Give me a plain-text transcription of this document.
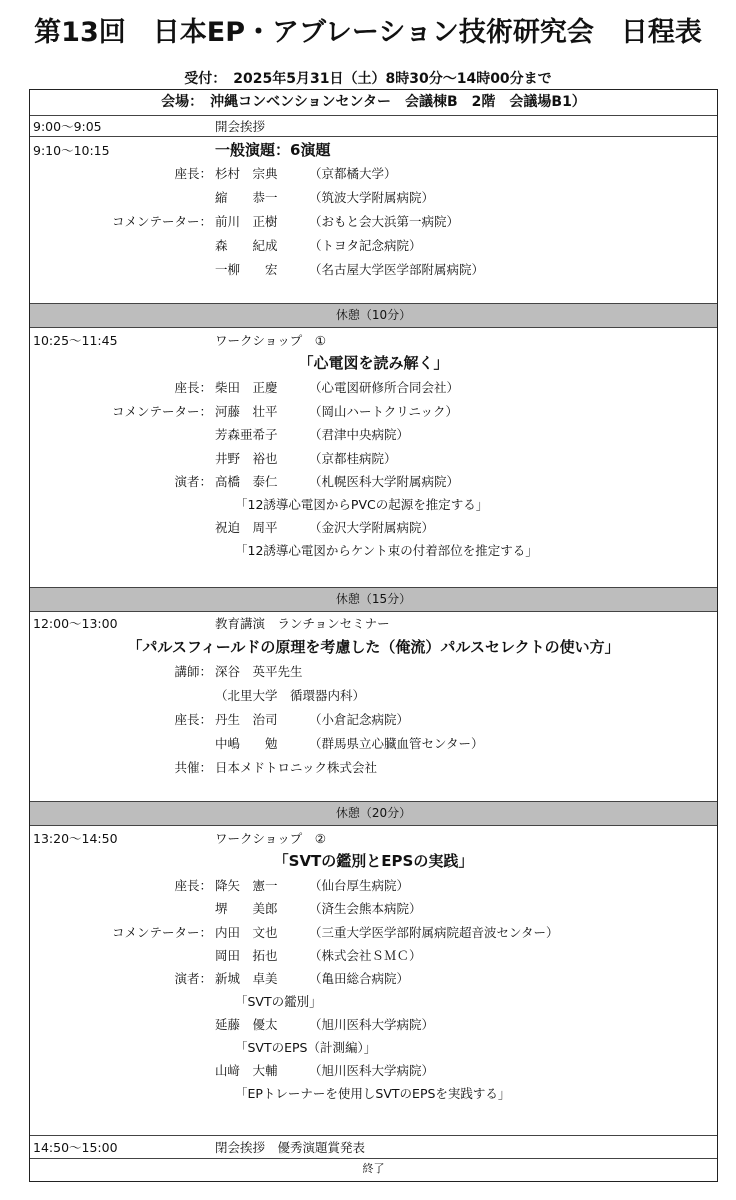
第13回　日本EP・アブレーション技術研究会　日程表
受付：　2025年5月31日（土）8時30分～14時00分まで
会場：　沖縄コンベンションセンター　会議棟B　2階　会議場B1）
9:00～9:05	開会挨拶
9:10～10:15	一般演題：6演題
座長： 杉村　宗典	（京都橘大学）
縮　　恭一	（筑波大学附属病院）
コメンテーター： 前川　正樹	（おもと会大浜第一病院）
森　　紀成	（トヨタ記念病院）
一柳　　宏	（名古屋大学医学部附属病院）
休憩（10分）
10:25～11:45	ワークショップ　①
「心電図を読み解く」
座長： 柴田　正慶	（心電図研修所合同会社）
コメンテーター： 河藤　壮平	（岡山ハートクリニック）
芳森亜希子	（君津中央病院）
井野　裕也	（京都桂病院）
演者： 高橋　泰仁	（札幌医科大学附属病院）
「12誘導心電図からPVCの起源を推定する」
祝迫　周平	（金沢大学附属病院）
「12誘導心電図からケント束の付着部位を推定する」
休憩（15分）
12:00～13:00	教育講演　ランチョンセミナー
「パルスフィールドの原理を考慮した（俺流）パルスセレクトの使い方」
講師： 深谷　英平先生
（北里大学　循環器内科）
座長： 丹生　治司	（小倉記念病院）
中嶋　　勉	（群馬県立心臓血管センター）
共催： 日本メドトロニック株式会社
休憩（20分）
13:20～14:50	ワークショップ　②
「SVTの鑑別とEPSの実践」
座長： 降矢　憲一	（仙台厚生病院）
堺　　美郎	（済生会熊本病院）
コメンテーター： 内田　文也	（三重大学医学部附属病院超音波センター）
岡田　拓也	（株式会社ＳＭＣ）
演者： 新城　卓美	（亀田総合病院）
「SVTの鑑別」
延藤　優太	（旭川医科大学病院）
「SVTのEPS（計測編）」
山﨑　大輔	（旭川医科大学病院）
「EPトレーナーを使用しSVTのEPSを実践する」
14:50～15:00	閉会挨拶　優秀演題賞発表
終了
